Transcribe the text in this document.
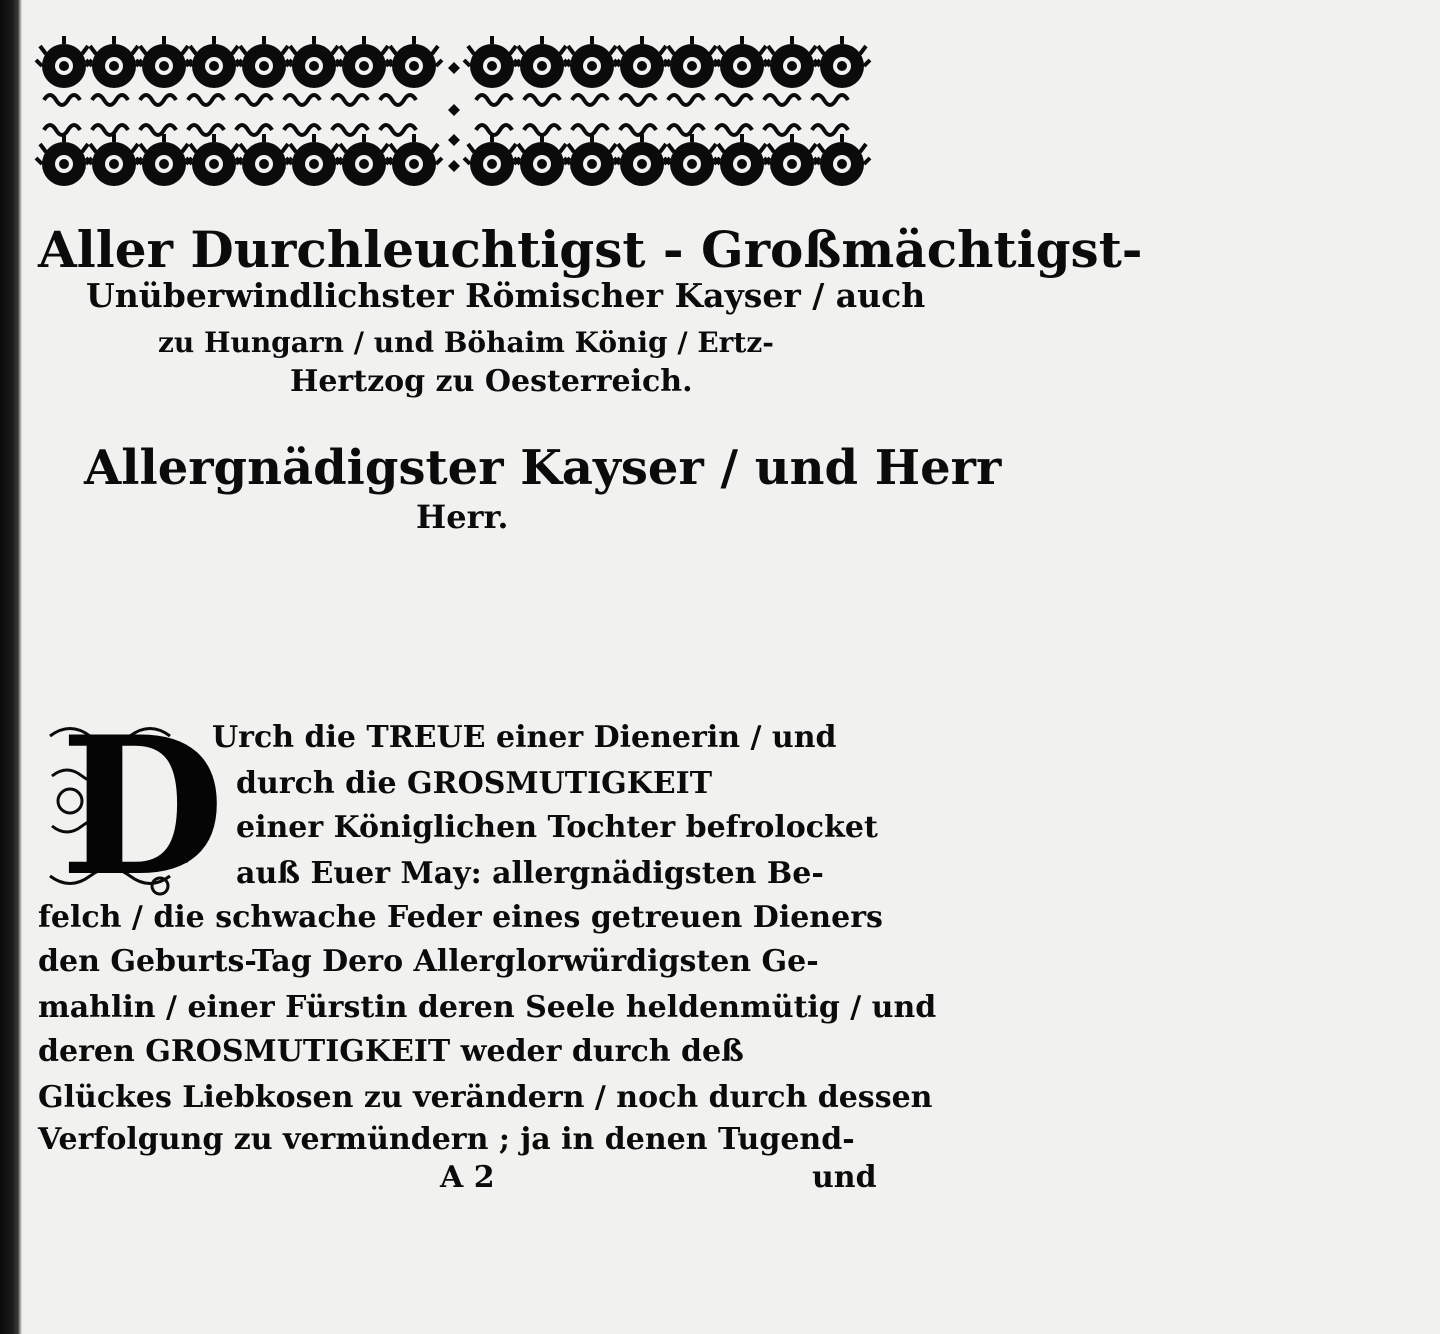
Aller Durchleuchtigst - Großmächtigst-
Unüberwindlichster Römischer Kayser / auch
zu Hungarn / und Böhaim König / Ertz-
Hertzog zu Oesterreich.
Allergnädigster Kayser / und Herr
Herr.
D
Urch die TREUE einer Dienerin / und
durch die GROSMUTIGKEIT
einer Königlichen Tochter befrolocket
auß Euer May: allergnädigsten Be-
felch / die schwache Feder eines getreuen Dieners
den Geburts-Tag Dero Allerglorwürdigsten Ge-
mahlin / einer Fürstin deren Seele heldenmütig / und
deren GROSMUTIGKEIT weder durch deß
Glückes Liebkosen zu verändern / noch durch dessen
Verfolgung zu vermündern ; ja in denen Tugend-
A 2	und
